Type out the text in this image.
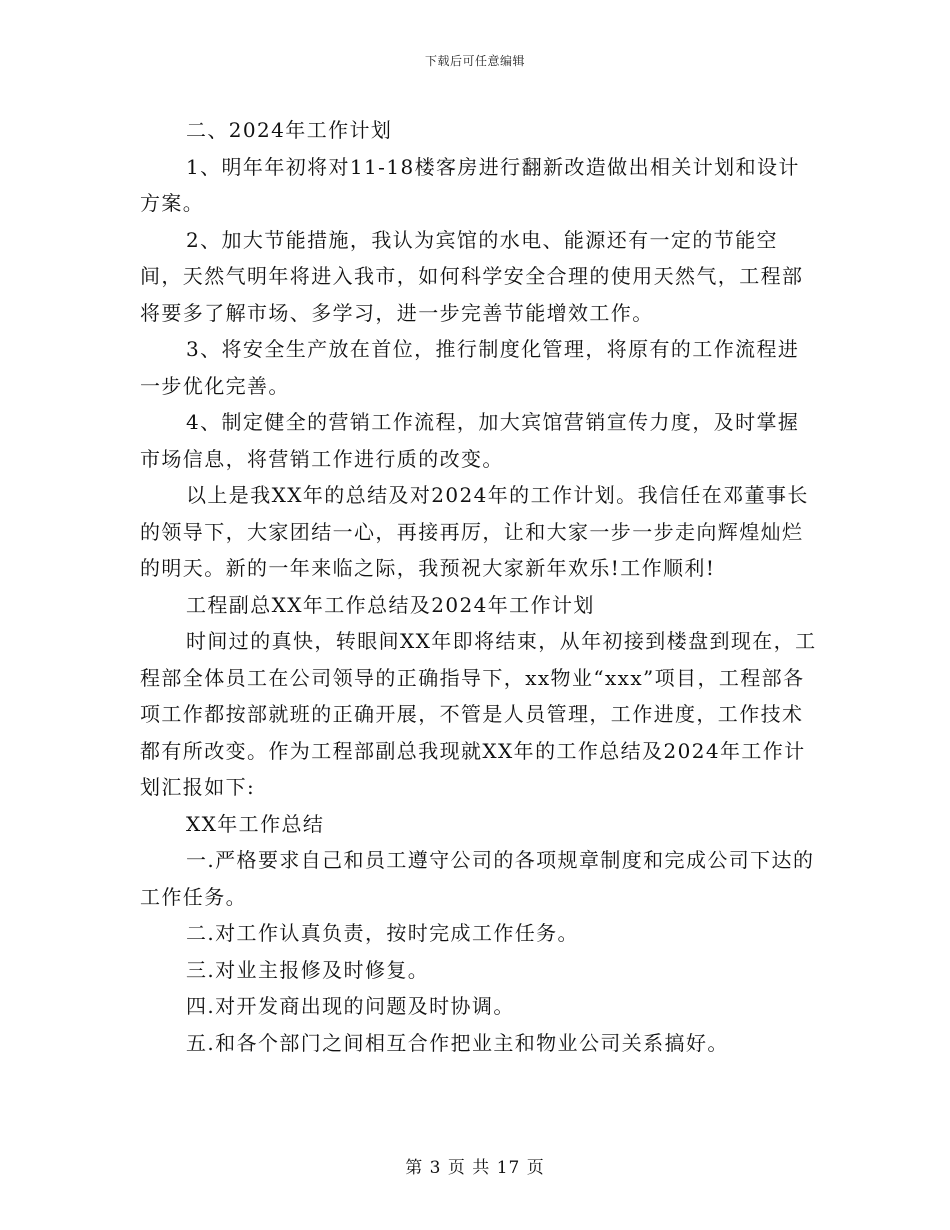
下载后可任意编辑

二、2024年工作计划

1、明年年初将对11-18楼客房进行翻新改造做出相关计划和设计方案。

2、加大节能措施，我认为宾馆的水电、能源还有一定的节能空间，天然气明年将进入我市，如何科学安全合理的使用天然气，工程部将要多了解市场、多学习，进一步完善节能增效工作。

3、将安全生产放在首位，推行制度化管理，将原有的工作流程进一步优化完善。

4、制定健全的营销工作流程，加大宾馆营销宣传力度，及时掌握市场信息，将营销工作进行质的改变。

以上是我XX年的总结及对2024年的工作计划。我信任在邓董事长的领导下，大家团结一心，再接再厉，让和大家一步一步走向辉煌灿烂的明天。新的一年来临之际，我预祝大家新年欢乐!工作顺利!

工程副总XX年工作总结及2024年工作计划

时间过的真快，转眼间XX年即将结束，从年初接到楼盘到现在，工程部全体员工在公司领导的正确指导下，xx物业“xxx”项目，工程部各项工作都按部就班的正确开展，不管是人员管理，工作进度，工作技术都有所改变。作为工程部副总我现就XX年的工作总结及2024年工作计划汇报如下:

XX年工作总结

一.严格要求自己和员工遵守公司的各项规章制度和完成公司下达的工作任务。

二.对工作认真负责，按时完成工作任务。

三.对业主报修及时修复。

四.对开发商出现的问题及时协调。

五.和各个部门之间相互合作把业主和物业公司关系搞好。

第 3 页 共 17 页
